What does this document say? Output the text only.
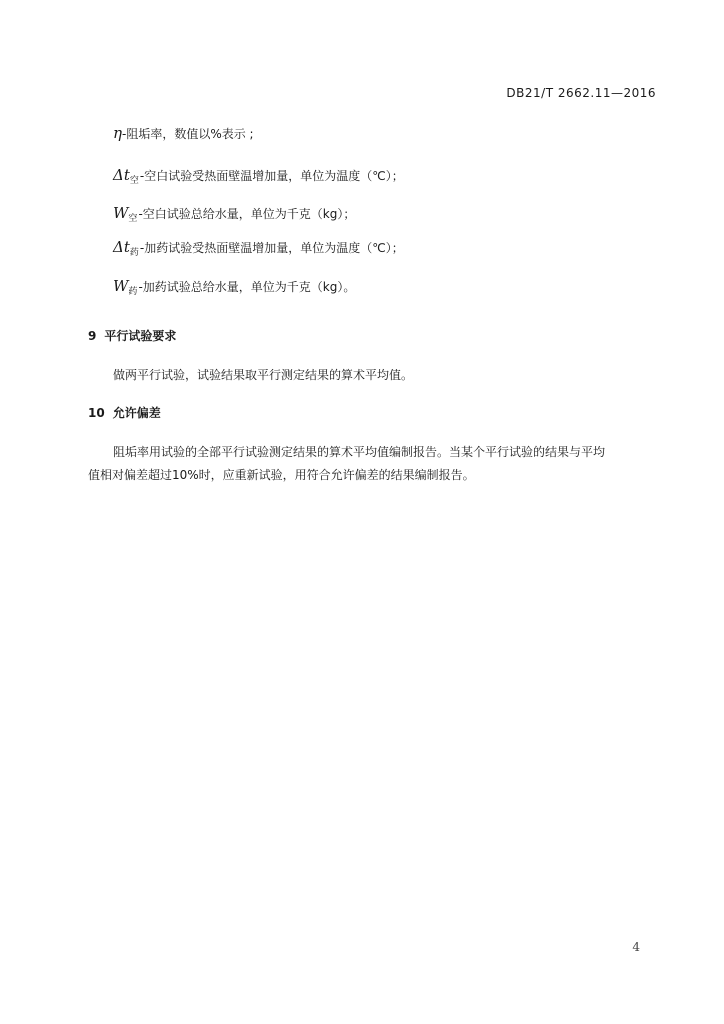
DB21/T 2662.11—2016
η -阻垢率，数值以%表示 ;
Δt 空 -空白试验受热面壁温增加量，单位为温度（℃）；
W 空 -空白试验总给水量，单位为千克（kg）；
Δt 药 -加药试验受热面壁温增加量，单位为温度（℃）；
W 药 -加药试验总给水量，单位为千克（kg）。
9 平行试验要求
做两平行试验，试验结果取平行测定结果的算术平均值。
10 允许偏差
阻垢率用试验的全部平行试验测定结果的算术平均值编制报告。当某个平行试验的结果与平均
值相对偏差超过10%时，应重新试验，用符合允许偏差的结果编制报告。
4
